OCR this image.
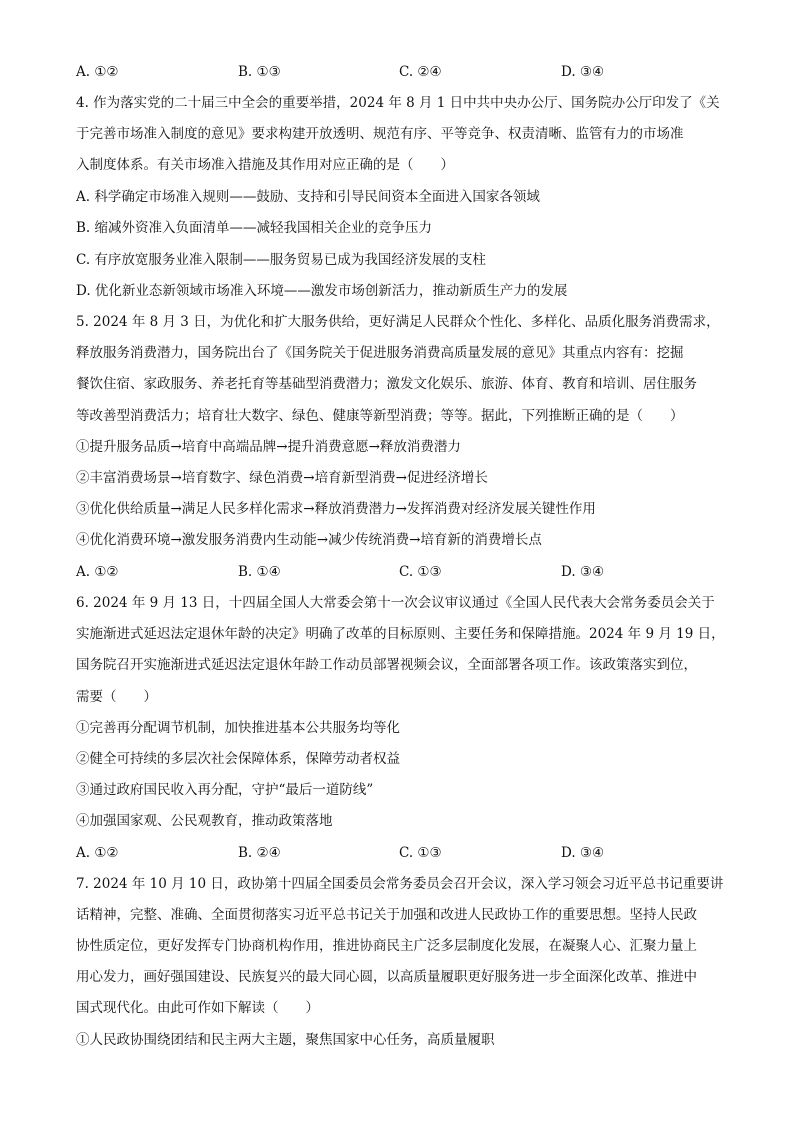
A. ①②	B. ①③	C. ②④	D. ③④
4. 作为落实党的二十届三中全会的重要举措，2024 年 8 月 1 日中共中央办公厅、国务院办公厅印发了《关
于完善市场准入制度的意见》要求构建开放透明、规范有序、平等竞争、权责清晰、监管有力的市场准
入制度体系。有关市场准入措施及其作用对应正确的是（　　）
A. 科学确定市场准入规则——鼓励、支持和引导民间资本全面进入国家各领域
B. 缩减外资准入负面清单——减轻我国相关企业的竞争压力
C. 有序放宽服务业准入限制——服务贸易已成为我国经济发展的支柱
D. 优化新业态新领域市场准入环境——激发市场创新活力，推动新质生产力的发展
5. 2024 年 8 月 3 日，为优化和扩大服务供给，更好满足人民群众个性化、多样化、品质化服务消费需求，
释放服务消费潜力，国务院出台了《国务院关于促进服务消费高质量发展的意见》其重点内容有：挖掘
餐饮住宿、家政服务、养老托育等基础型消费潜力；激发文化娱乐、旅游、体育、教育和培训、居住服务
等改善型消费活力；培育壮大数字、绿色、健康等新型消费；等等。据此，下列推断正确的是（　　）
①提升服务品质→培育中高端品牌→提升消费意愿→释放消费潜力
②丰富消费场景→培育数字、绿色消费→培育新型消费→促进经济增长
③优化供给质量→满足人民多样化需求→释放消费潜力→发挥消费对经济发展关键性作用
④优化消费环境→激发服务消费内生动能→减少传统消费→培育新的消费增长点
A. ①②	B. ①④	C. ①③	D. ③④
6. 2024 年 9 月 13 日，十四届全国人大常委会第十一次会议审议通过《全国人民代表大会常务委员会关于
实施渐进式延迟法定退休年龄的决定》明确了改革的目标原则、主要任务和保障措施。2024 年 9 月 19 日，
国务院召开实施渐进式延迟法定退休年龄工作动员部署视频会议，全面部署各项工作。该政策落实到位，
需要（　　）
①完善再分配调节机制，加快推进基本公共服务均等化
②健全可持续的多层次社会保障体系，保障劳动者权益
③通过政府国民收入再分配，守护“最后一道防线”
④加强国家观、公民观教育，推动政策落地
A. ①②	B. ②④	C. ①③	D. ③④
7. 2024 年 10 月 10 日，政协第十四届全国委员会常务委员会召开会议，深入学习领会习近平总书记重要讲
话精神，完整、准确、全面贯彻落实习近平总书记关于加强和改进人民政协工作的重要思想。坚持人民政
协性质定位，更好发挥专门协商机构作用，推进协商民主广泛多层制度化发展，在凝聚人心、汇聚力量上
用心发力，画好强国建设、民族复兴的最大同心圆，以高质量履职更好服务进一步全面深化改革、推进中
国式现代化。由此可作如下解读（　　）
①人民政协围绕团结和民主两大主题，聚焦国家中心任务，高质量履职
